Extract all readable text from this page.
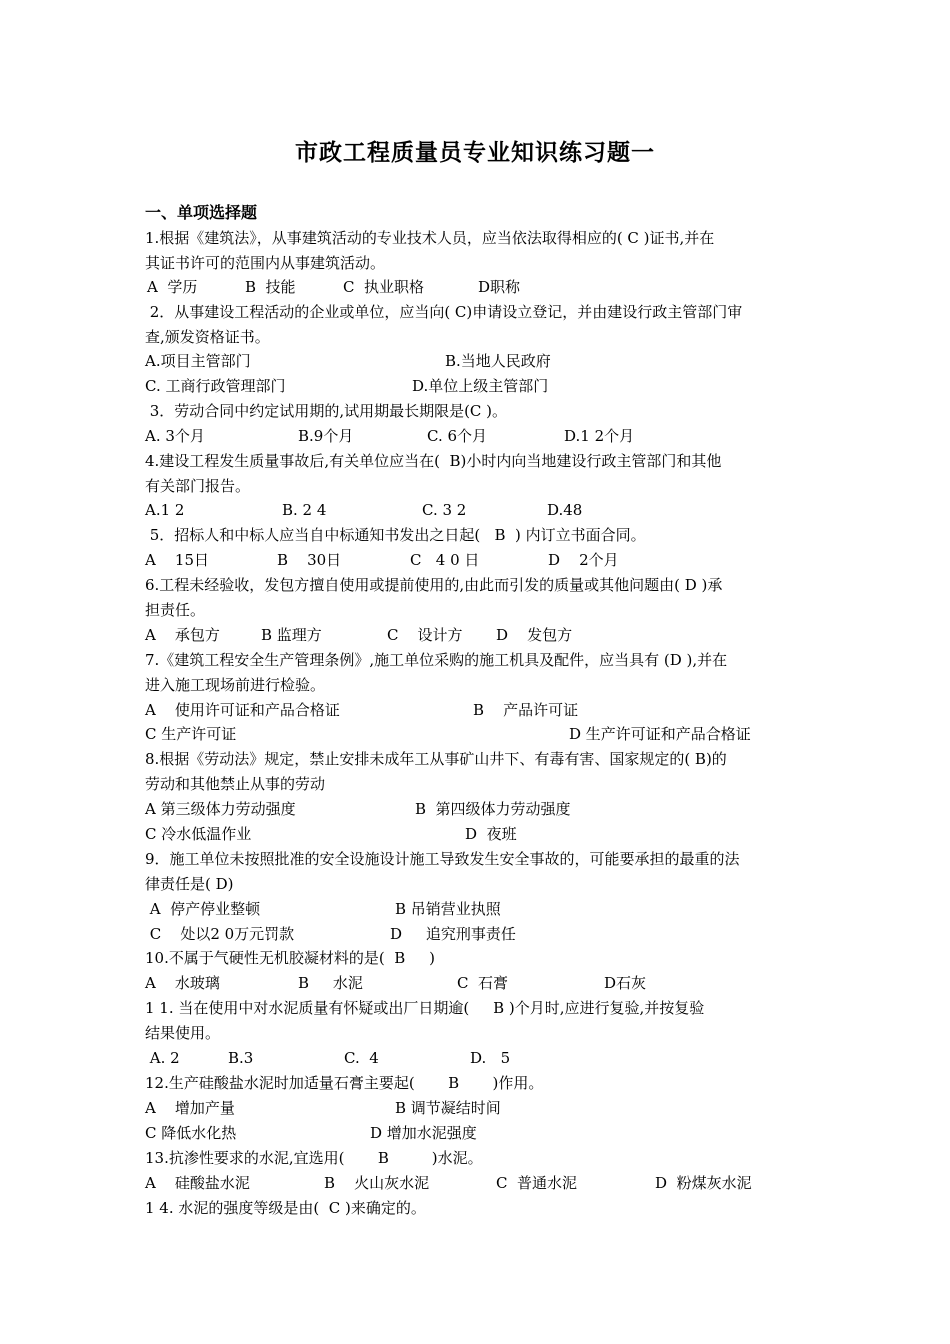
市政工程质量员专业知识练习题一
一、单项选择题
1.根据《建筑法》，从事建筑活动的专业技术人员，应当依法取得相应的( C )证书,并在
其证书许可的范围内从事建筑活动。
A  学历	B  技能	C  执业职格	D职称
2．从事建设工程活动的企业或单位，应当向( C)申请设立登记，并由建设行政主管部门审
查,颁发资格证书。
A.项目主管部门	B.当地人民政府
C. 工商行政管理部门	D.单位上级主管部门
3．劳动合同中约定试用期的,试用期最长期限是(C )。
A. 3个月	B.9个月	C. 6个月	D.1 2个月
4.建设工程发生质量事故后,有关单位应当在(  B)小时内向当地建设行政主管部门和其他
有关部门报告。
A.1 2	B. 2 4	C. 3 2	D.48
5．招标人和中标人应当自中标通知书发出之日起(   B  ) 内订立书面合同。
A    15日	B    30日	C   4 0 日	D    2个月
6.工程未经验收，发包方擅自使用或提前使用的,由此而引发的质量或其他问题由( D )承
担责任。
A    承包方	B 监理方	C    设计方 D    发包方
7.《建筑工程安全生产管理条例》,施工单位采购的施工机具及配件，应当具有 (D ),并在
进入施工现场前进行检验。
A    使用许可证和产品合格证	B    产品许可证
C 生产许可证	D 生产许可证和产品合格证
8.根据《劳动法》规定，禁止安排未成年工从事矿山井下、有毒有害、国家规定的( B)的
劳动和其他禁止从事的劳动
A 第三级体力劳动强度	B  第四级体力劳动强度
C 冷水低温作业	D  夜班
9．施工单位未按照批准的安全设施设计施工导致发生安全事故的，可能要承担的最重的法
律责任是( D)
A  停产停业整顿	B 吊销营业执照
C    处以2 0万元罚款	D     追究刑事责任
10.不属于气硬性无机胶凝材料的是(  B     )
A    水玻璃	B     水泥	C  石膏	D石灰
1 1. 当在使用中对水泥质量有怀疑或出厂日期逾(     B )个月时,应进行复验,并按复验
结果使用。
A. 2	B.3	C.  4	D.   5
12.生产硅酸盐水泥时加适量石膏主要起(       B       )作用。
A    增加产量	B 调节凝结时间
C 降低水化热	D 增加水泥强度
13.抗渗性要求的水泥,宜选用(       B         )水泥。
A    硅酸盐水泥	B    火山灰水泥	C  普通水泥	D  粉煤灰水泥
1 4. 水泥的强度等级是由(  C )来确定的。
